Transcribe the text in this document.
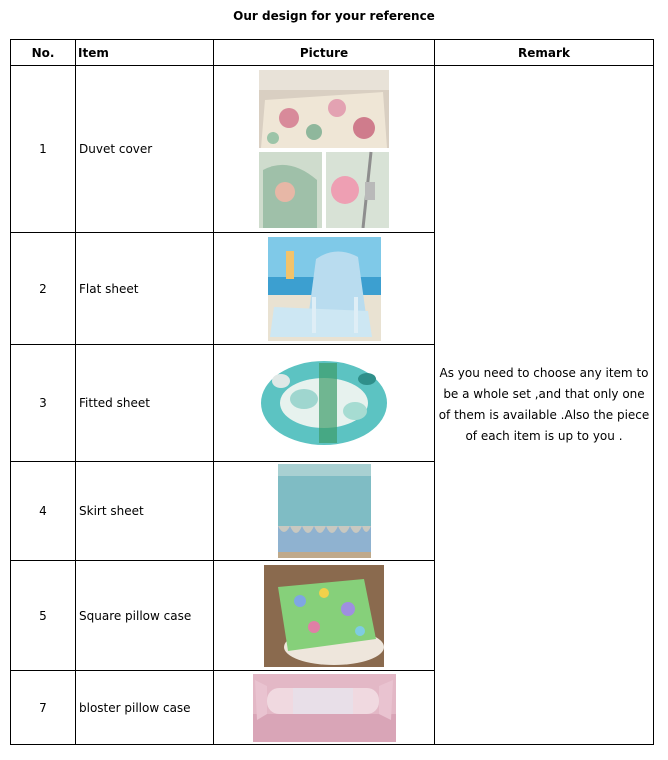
Our design for your reference
No.	Item	Picture	Remark
1	Duvet cover		As you need to choose any item to be a whole set ,and that only one of them is available .Also the piece of each item is up to you .
2	Flat sheet	

3	Fitted sheet	

4	Skirt sheet	

5	Square pillow case	

7	bloster pillow case	
